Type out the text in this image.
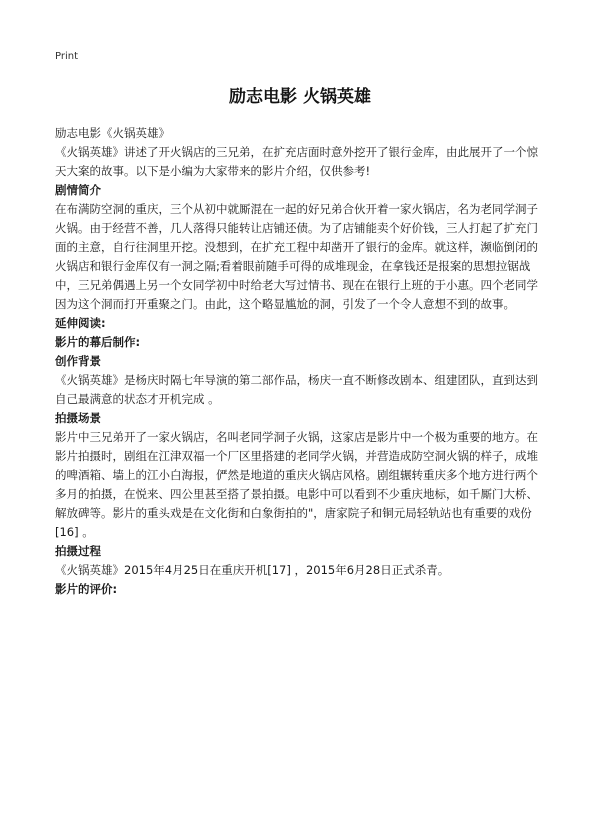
Print
励志电影 火锅英雄

励志电影《火锅英雄》

《火锅英雄》讲述了开火锅店的三兄弟，在扩充店面时意外挖开了银行金库，由此展开了一个惊天大案的故事。以下是小编为大家带来的影片介绍，仅供参考!

剧情简介

在布满防空洞的重庆，三个从初中就厮混在一起的好兄弟合伙开着一家火锅店，名为老同学洞子火锅。由于经营不善，几人落得只能转让店铺还债。为了店铺能卖个好价钱，三人打起了扩充门面的主意，自行往洞里开挖。没想到，在扩充工程中却凿开了银行的金库。就这样，濒临倒闭的火锅店和银行金库仅有一洞之隔;看着眼前随手可得的成堆现金，在拿钱还是报案的思想拉锯战中，三兄弟偶遇上另一个女同学初中时给老大写过情书、现在在银行上班的于小惠。四个老同学因为这个洞而打开重聚之门。由此，这个略显尴尬的洞，引发了一个令人意想不到的故事。

延伸阅读:
影片的幕后制作:
创作背景

《火锅英雄》是杨庆时隔七年导演的第二部作品，杨庆一直不断修改剧本、组建团队，直到达到自己最满意的状态才开机完成 。

拍摄场景

影片中三兄弟开了一家火锅店，名叫老同学洞子火锅，这家店是影片中一个极为重要的地方。在影片拍摄时，剧组在江津双福一个厂区里搭建的老同学火锅，并营造成防空洞火锅的样子，成堆的啤酒箱、墙上的江小白海报，俨然是地道的重庆火锅店风格。剧组辗转重庆多个地方进行两个多月的拍摄，在悦来、四公里甚至搭了景拍摄。电影中可以看到不少重庆地标，如千厮门大桥、解放碑等。影片的重头戏是在文化街和白象街拍的"，唐家院子和铜元局轻轨站也有重要的戏份[16] 。

拍摄过程

《火锅英雄》2015年4月25日在重庆开机[17] ，2015年6月28日正式杀青。

影片的评价:
